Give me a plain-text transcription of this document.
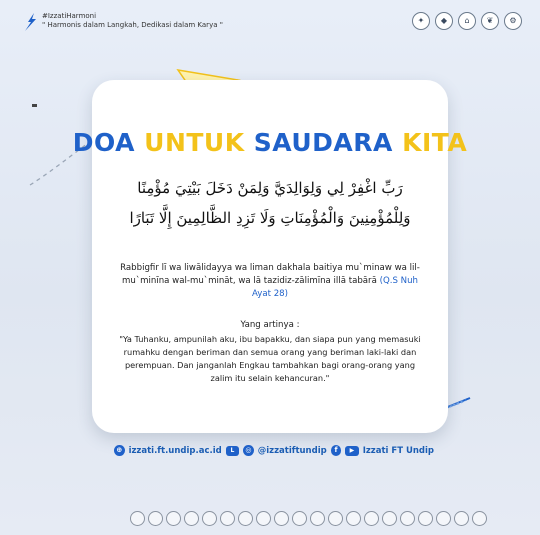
#IzzatiHarmoni
" Harmonis dalam Langkah, Dedikasi dalam Karya "	✦	◆	⌂	❦	⚙
DOA UNTUK SAUDARA KITA
رَبِّ اغْفِرْ لِي وَلِوَالِدَيَّ وَلِمَنْ دَخَلَ بَيْتِيَ مُؤْمِنًا وَلِلْمُؤْمِنِينَ وَالْمُؤْمِنَاتِ وَلَا تَزِدِ الظَّالِمِينَ إِلَّا تَبَارًا
Rabbigfir lī wa liwālidayya wa liman dakhala baitiya mu`minaw wa lil-mu`minīna wal-mu`mināt, wa lā tazidiz-zālimīna illā tabārā (Q.S Nuh Ayat 28)
Yang artinya :
"Ya Tuhanku, ampunilah aku, ibu bapakku, dan siapa pun yang memasuki rumahku dengan beriman dan semua orang yang beriman laki-laki dan perempuan. Dan janganlah Engkau tambahkan bagi orang-orang yang zalim itu selain kehancuran."
⊕ izzati.ft.undip.ac.id	L	◎ @izzatiftundip	f	▶ Izzati FT Undip
